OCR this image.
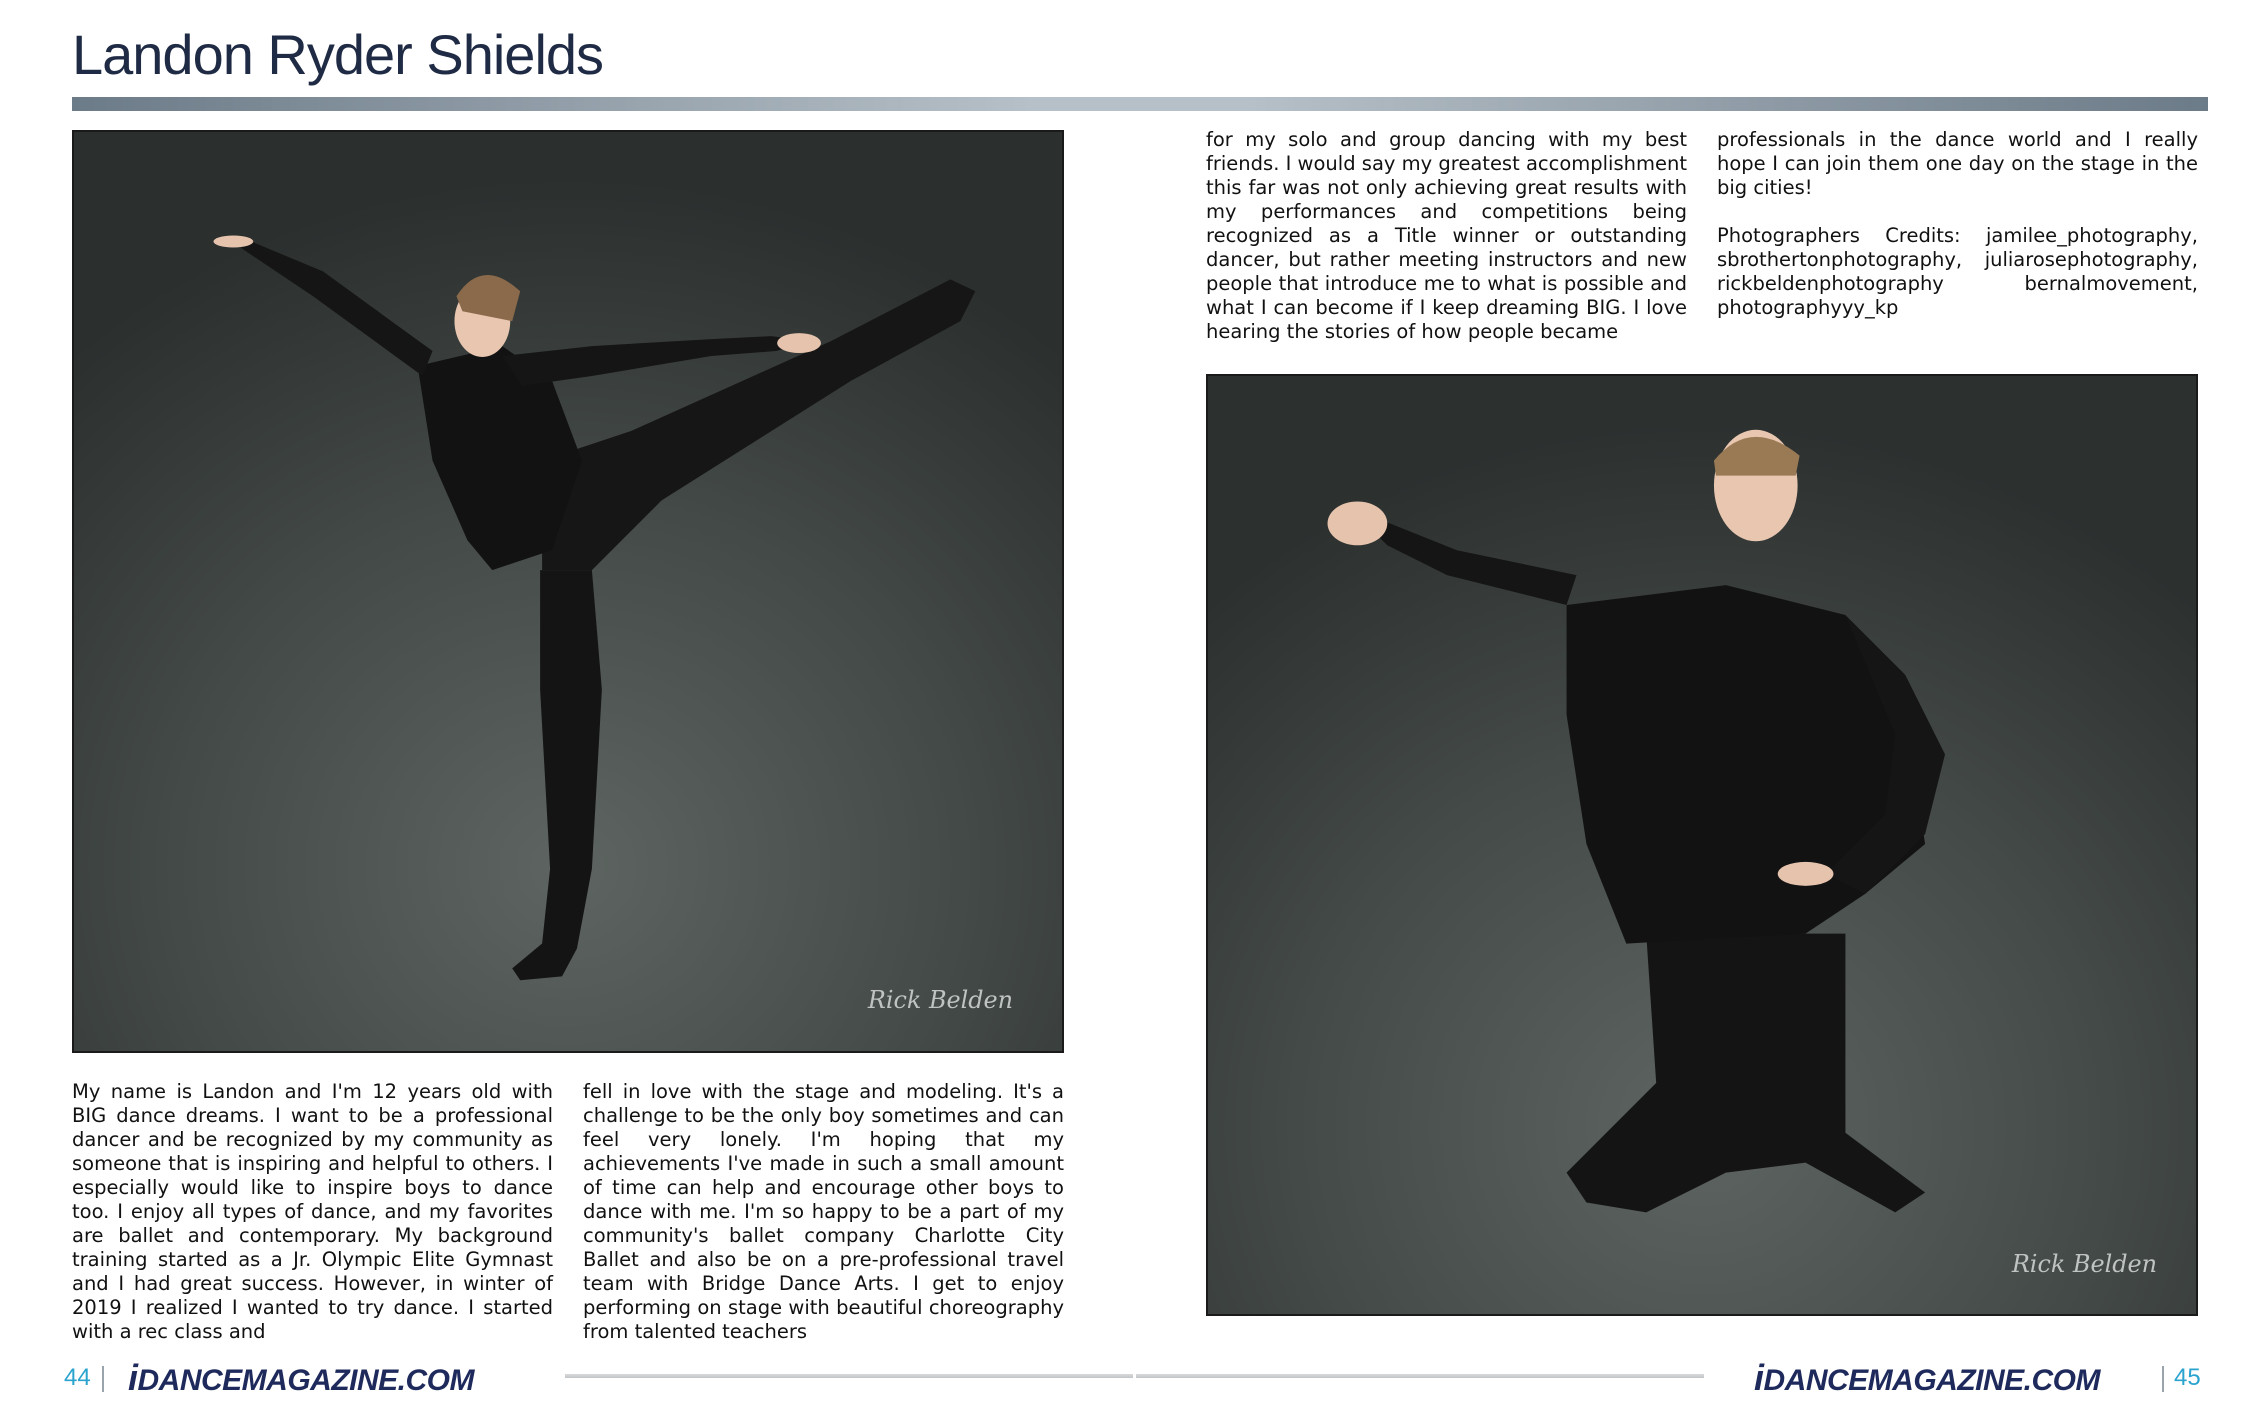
Landon Ryder Shields
Rick Belden
Rick Belden

My name is Landon and I'm 12 years old with BIG dance dreams. I want to be a professional dancer and be recognized by my community as someone that is inspiring and helpful to others. I especially would like to inspire boys to dance too. I enjoy all types of dance, and my favorites are ballet and contemporary. My background training started as a Jr. Olympic Elite Gymnast and I had great success. However, in winter of 2019 I realized I wanted to try dance. I started with a rec class and

fell in love with the stage and modeling. It's a challenge to be the only boy sometimes and can feel very lonely. I'm hoping that my achievements I've made in such a small amount of time can help and encourage other boys to dance with me. I'm so happy to be a part of my community's ballet company Charlotte City Ballet and also be on a pre-professional travel team with Bridge Dance Arts. I get to enjoy performing on stage with beautiful choreography from talented teachers

for my solo and group dancing with my best friends. I would say my greatest accomplishment this far was not only achieving great results with my performances and competitions being recognized as a Title winner or outstanding dancer, but rather meeting instructors and new people that introduce me to what is possible and what I can become if I keep dreaming BIG. I love hearing the stories of how people became

professionals in the dance world and I really hope I can join them one day on the stage in the big cities!

Photographers Credits: jamilee_photography, sbrothertonphotography, juliarosephotography, rickbeldenphotography bernalmovement, photographyyy_kp

44 iDANCEMAGAZINE.COM	iDANCEMAGAZINE.COM	45
